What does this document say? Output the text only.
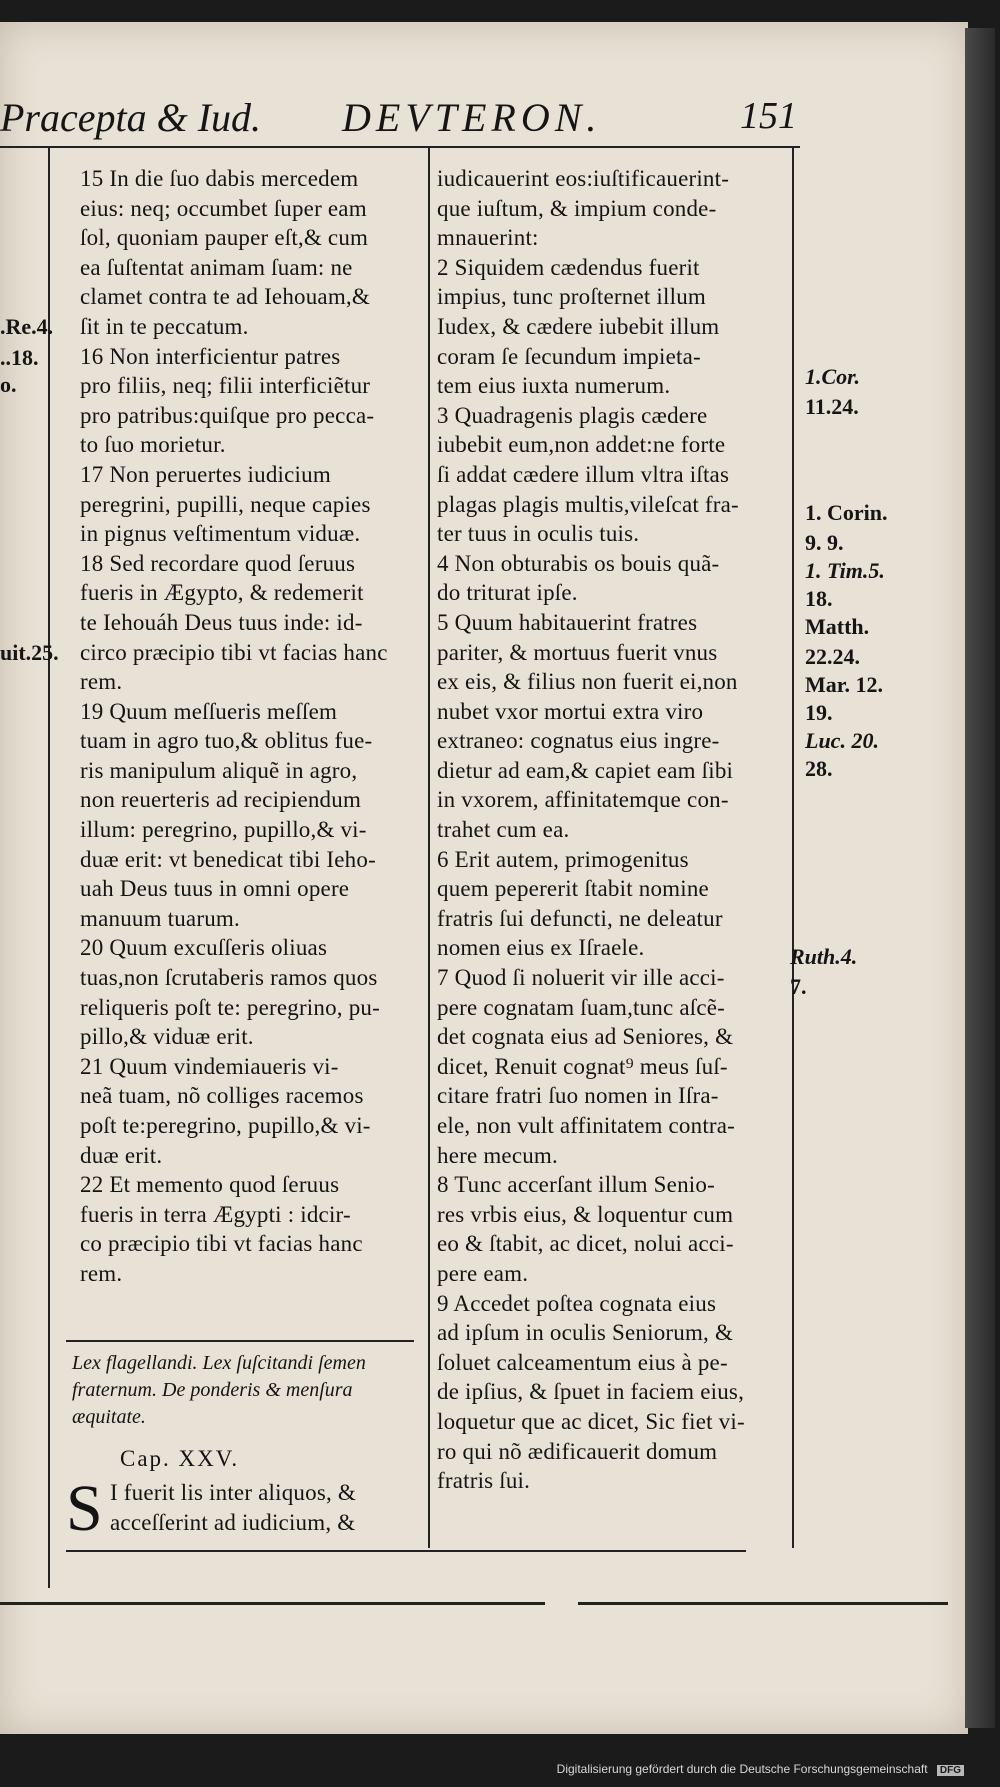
Pracepta & Iud. DEVTERON.	151
15 In die ſuo dabis mercedem
eius: neq; occumbet ſuper eam
ſol, quoniam pauper eſt,& cum
ea ſuſtentat animam ſuam: ne
clamet contra te ad Iehouam,&
ſit in te peccatum.
16 Non interficientur patres
pro filiis, neq; filii interficiẽtur
pro patribus:quiſque pro pecca-
to ſuo morietur.
17 Non peruertes iudicium
peregrini, pupilli, neque capies
in pignus veſtimentum viduæ.
18 Sed recordare quod ſeruus
fueris in Ægypto, & redemerit
te Iehouáh Deus tuus inde: id-
circo præcipio tibi vt facias hanc
rem.
19 Quum meſſueris meſſem
tuam in agro tuo,& oblitus fue-
ris manipulum aliquẽ in agro,
non reuerteris ad recipiendum
illum: peregrino, pupillo,& vi-
duæ erit: vt benedicat tibi Ieho-
uah Deus tuus in omni opere
manuum tuarum.
20 Quum excuſſeris oliuas
tuas,non ſcrutaberis ramos quos
reliqueris poſt te: peregrino, pu-
pillo,& viduæ erit.
21 Quum vindemiaueris vi-
neã tuam, nõ colliges racemos
poſt te:peregrino, pupillo,& vi-
duæ erit.
22 Et memento quod ſeruus
fueris in terra Ægypti : idcir-
co præcipio tibi vt facias hanc
rem.
iudicauerint eos:iuſtificauerint-
que iuſtum, & impium conde-
mnauerint:
2 Siquidem cædendus fuerit
impius, tunc proſternet illum
Iudex, & cædere iubebit illum
coram ſe ſecundum impieta-
tem eius iuxta numerum.
3 Quadragenis plagis cædere
iubebit eum,non addet:ne forte
ſi addat cædere illum vltra iſtas
plagas plagis multis,vileſcat fra-
ter tuus in oculis tuis.
4 Non obturabis os bouis quã-
do triturat ipſe.
5 Quum habitauerint fratres
pariter, & mortuus fuerit vnus
ex eis, & filius non fuerit ei,non
nubet vxor mortui extra viro
extraneo: cognatus eius ingre-
dietur ad eam,& capiet eam ſibi
in vxorem, affinitatemque con-
trahet cum ea.
6 Erit autem, primogenitus
quem pepererit ſtabit nomine
fratris ſui defuncti, ne deleatur
nomen eius ex Iſraele.
7 Quod ſi noluerit vir ille acci-
pere cognatam ſuam,tunc aſcẽ-
det cognata eius ad Seniores, &
dicet, Renuit cognat⁹ meus ſuſ-
citare fratri ſuo nomen in Iſra-
ele, non vult affinitatem contra-
here mecum.
8 Tunc accerſant illum Senio-
res vrbis eius, & loquentur cum
eo & ſtabit, ac dicet, nolui acci-
pere eam.
9 Accedet poſtea cognata eius
ad ipſum in oculis Seniorum, &
ſoluet calceamentum eius à pe-
de ipſius, & ſpuet in faciem eius,
loquetur que ac dicet, Sic fiet vi-
ro qui nõ ædificauerit domum
fratris ſui.
Lex flagellandi. Lex ſuſcitandi ſemen fraternum. De ponderis & menſura æquitate.
Cap. XXV.
S I fuerit lis inter aliquos, &
acceſſerint ad iudicium, &
.Re.4.
..18.
o.
uit.25.
1.Cor.
11.24.
1. Corin.
9. 9.
1. Tim.5.
18.
Matth.
22.24.
Mar. 12.
19.
Luc. 20.
28.
Ruth.4.
7.
Digitalisierung gefördert durch die Deutsche Forschungsgemeinschaft DFG
